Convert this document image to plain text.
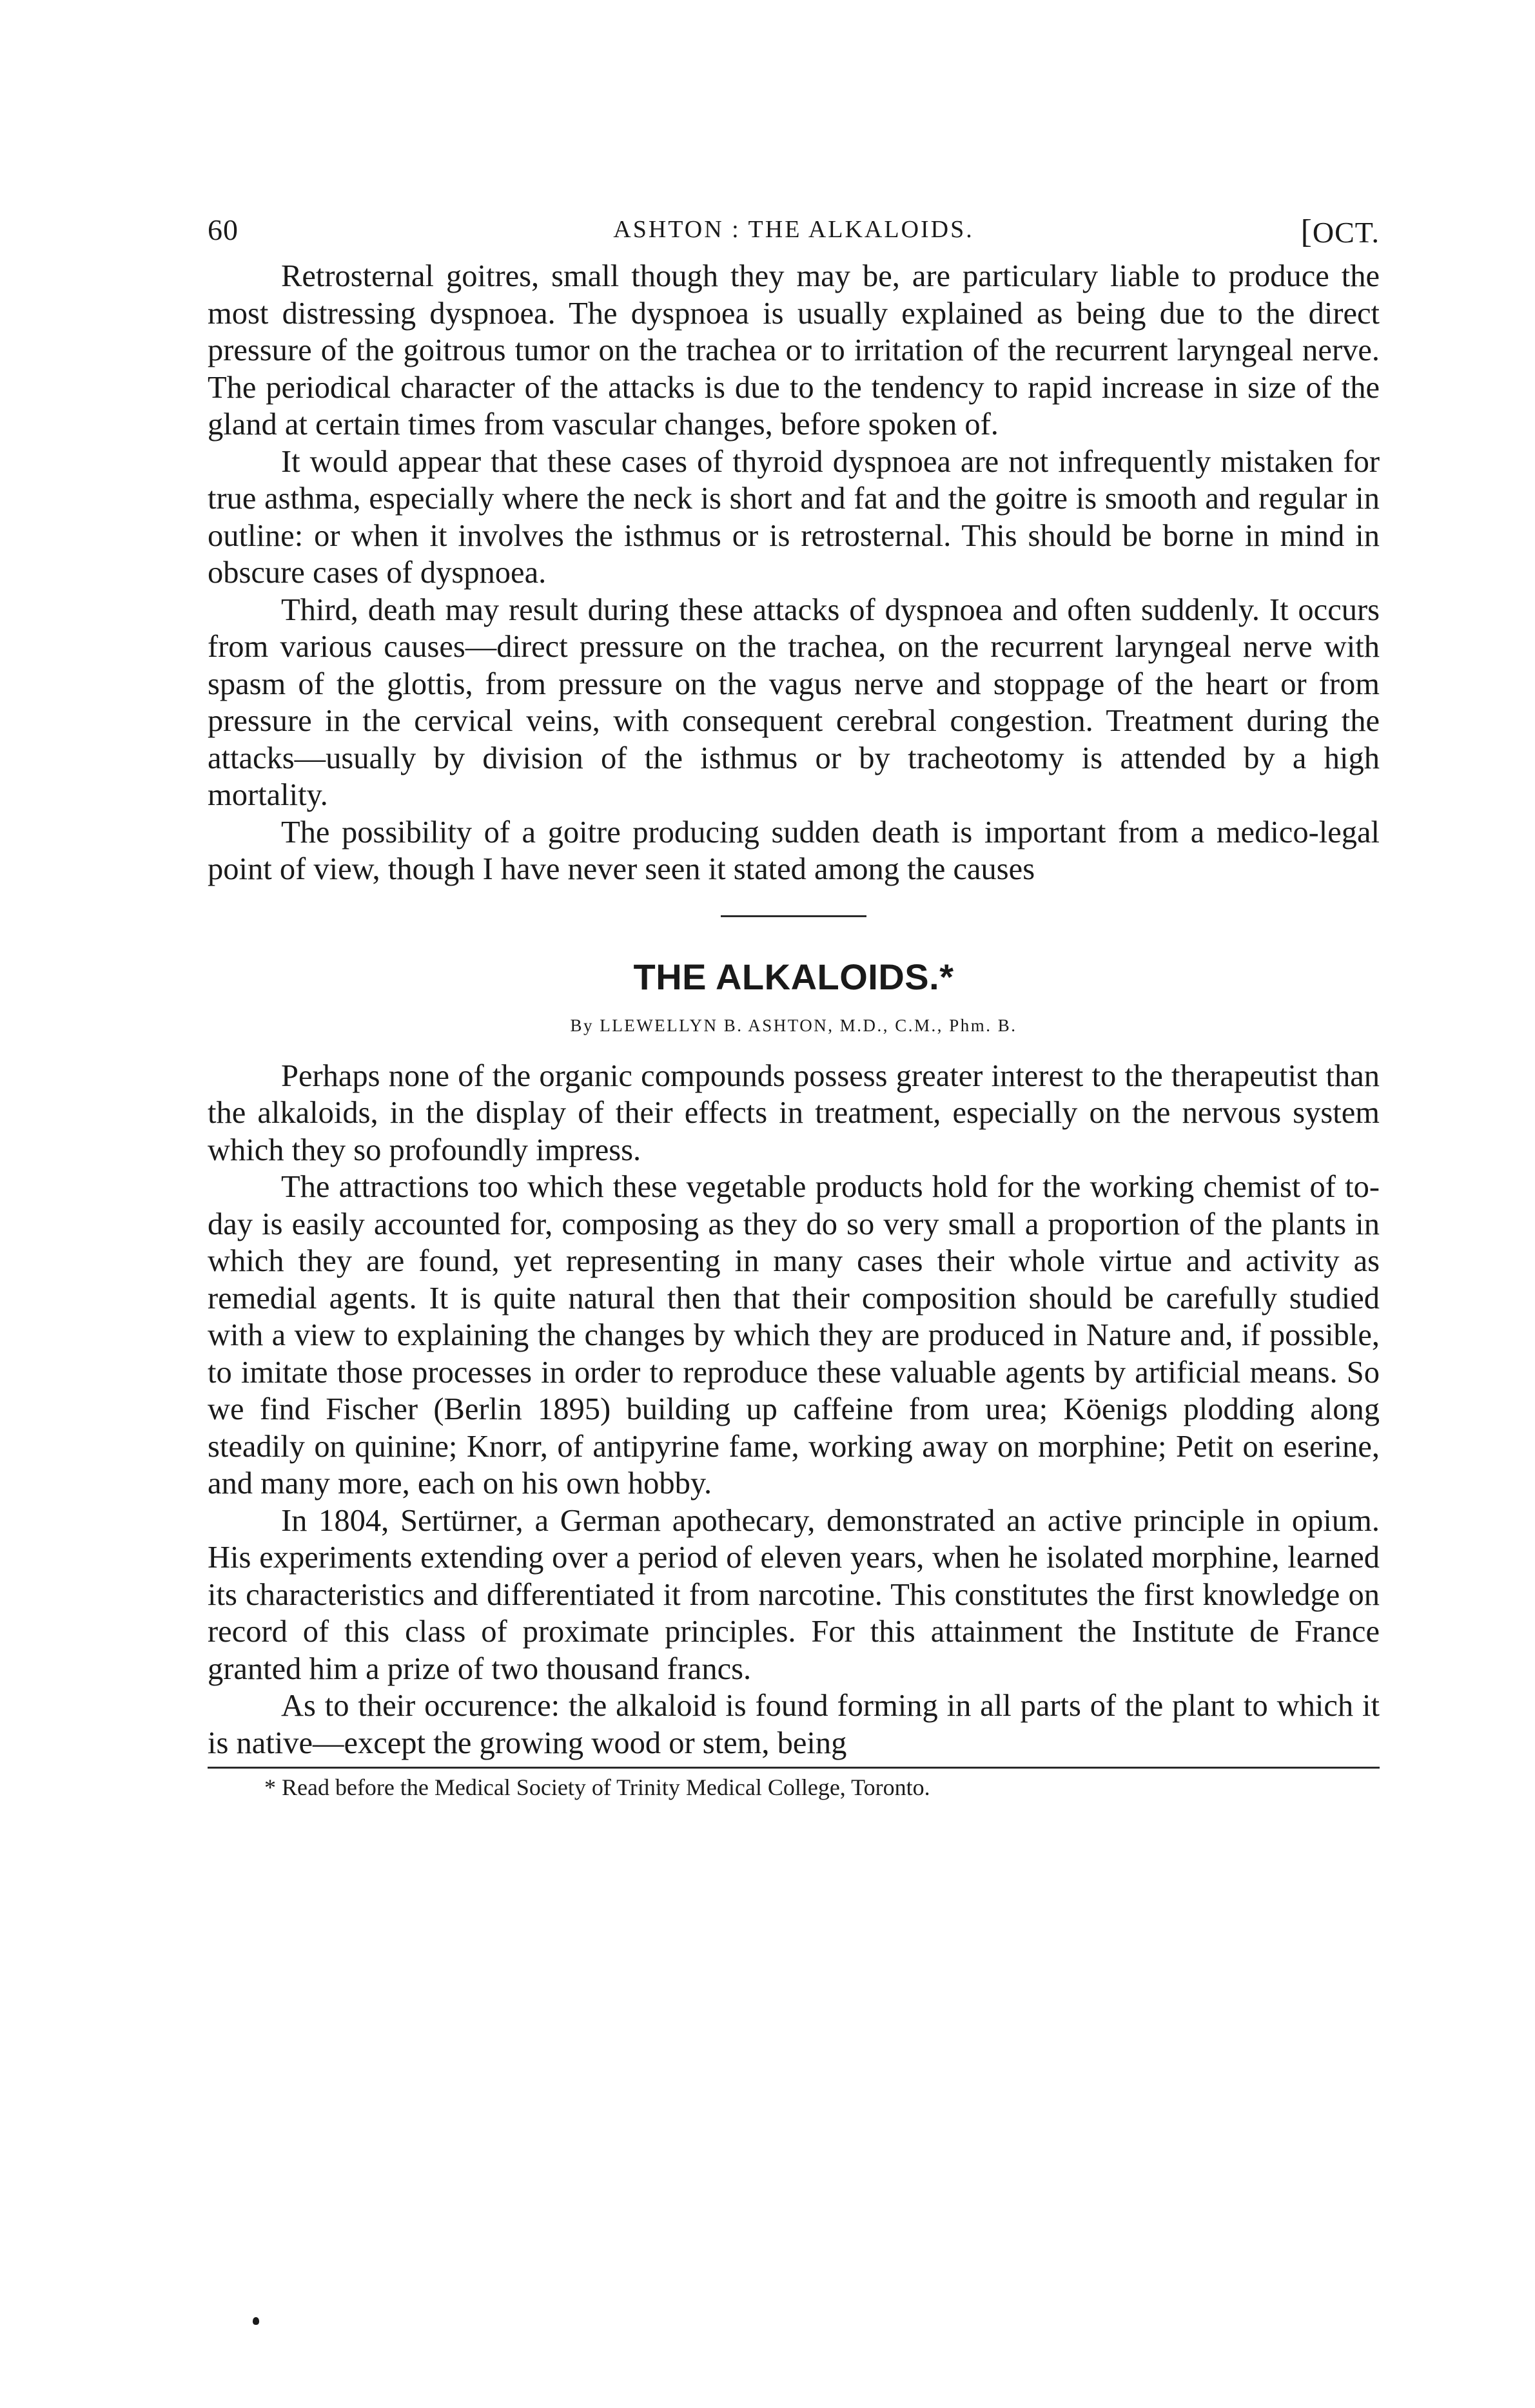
60	ASHTON : THE ALKALOIDS.	[OCT.

Retrosternal goitres, small though they may be, are particulary liable to produce the most distressing dyspnoea. The dyspnoea is usually explained as being due to the direct pressure of the goitrous tumor on the trachea or to irritation of the recurrent laryngeal nerve. The periodical character of the attacks is due to the tendency to rapid increase in size of the gland at certain times from vascular changes, before spoken of.

It would appear that these cases of thyroid dyspnoea are not infrequently mistaken for true asthma, especially where the neck is short and fat and the goitre is smooth and regular in outline: or when it involves the isthmus or is retrosternal. This should be borne in mind in obscure cases of dyspnoea.

Third, death may result during these attacks of dyspnoea and often suddenly. It occurs from various causes—direct pressure on the trachea, on the recurrent laryngeal nerve with spasm of the glottis, from pressure on the vagus nerve and stoppage of the heart or from pressure in the cervical veins, with consequent cerebral congestion. Treatment during the attacks—usually by division of the isthmus or by tracheotomy is attended by a high mortality.

The possibility of a goitre producing sudden death is important from a medico-legal point of view, though I have never seen it stated among the causes

THE ALKALOIDS.*
By LLEWELLYN B. ASHTON, M.D., C.M., Phm. B.

Perhaps none of the organic compounds possess greater interest to the therapeutist than the alkaloids, in the display of their effects in treatment, especially on the nervous system which they so profoundly impress.

The attractions too which these vegetable products hold for the working chemist of to-day is easily accounted for, composing as they do so very small a proportion of the plants in which they are found, yet representing in many cases their whole virtue and activity as remedial agents. It is quite natural then that their composition should be carefully studied with a view to explaining the changes by which they are produced in Nature and, if possible, to imitate those processes in order to reproduce these valuable agents by artificial means. So we find Fischer (Berlin 1895) building up caffeine from urea; Köenigs plodding along steadily on quinine; Knorr, of antipyrine fame, working away on morphine; Petit on eserine, and many more, each on his own hobby.

In 1804, Sertürner, a German apothecary, demonstrated an active principle in opium. His experiments extending over a period of eleven years, when he isolated morphine, learned its characteristics and differentiated it from narcotine. This constitutes the first knowledge on record of this class of proximate principles. For this attainment the Institute de France granted him a prize of two thousand francs.

As to their occurence: the alkaloid is found forming in all parts of the plant to which it is native—except the growing wood or stem, being

* Read before the Medical Society of Trinity Medical College, Toronto.
